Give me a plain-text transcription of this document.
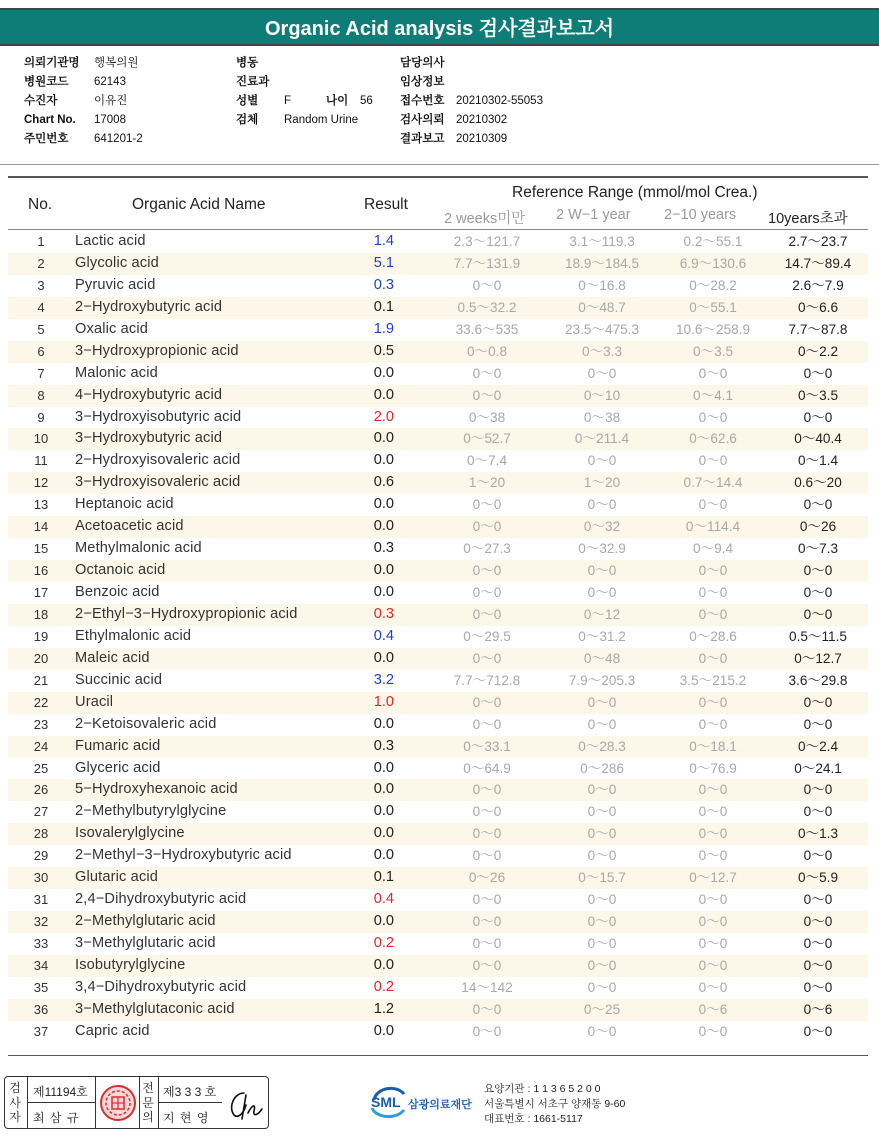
Organic Acid analysis 검사결과보고서
의뢰기관명 행복의원
병원코드 62143
수진자	이유진
Chart No. 17008
주민번호 641201-2
병동
진료과
성별 F	나이 56
검체 Random Urine
담당의사
임상정보
접수번호 20210302-55053
검사의뢰 20210302
결과보고 20210309
No.	Organic Acid Name	Result
Reference Range (mmol/mol Crea.)
2 weeks미만 2 W−1 year 2−10 years 10years초과
1	Lactic acid	1.4	2.3～121.7	3.1～119.3	0.2～55.1	2.7～23.7
2	Glycolic acid	5.1	7.7～131.9	18.9～184.5	6.9～130.6	14.7～89.4
3	Pyruvic acid	0.3	0～0	0～16.8	0～28.2	2.6～7.9
4	2−Hydroxybutyric acid	0.1	0.5～32.2	0～48.7	0～55.1	0～6.6
5	Oxalic acid	1.9	33.6～535	23.5～475.3	10.6～258.9	7.7～87.8
6	3−Hydroxypropionic acid	0.5	0～0.8	0～3.3	0～3.5	0～2.2
7	Malonic acid	0.0	0～0	0～0	0～0	0～0
8	4−Hydroxybutyric acid	0.0	0～0	0～10	0～4.1	0～3.5
9	3−Hydroxyisobutyric acid	2.0	0～38	0～38	0～0	0～0
10	3−Hydroxybutyric acid	0.0	0～52.7	0～211.4	0～62.6	0～40.4
11	2−Hydroxyisovaleric acid	0.0	0～7.4	0～0	0～0	0～1.4
12	3−Hydroxyisovaleric acid	0.6	1～20	1～20	0.7～14.4	0.6～20
13	Heptanoic acid	0.0	0～0	0～0	0～0	0～0
14	Acetoacetic acid	0.0	0～0	0～32	0～114.4	0～26
15	Methylmalonic acid	0.3	0～27.3	0～32.9	0～9.4	0～7.3
16	Octanoic acid	0.0	0～0	0～0	0～0	0～0
17	Benzoic acid	0.0	0～0	0～0	0～0	0～0
18	2−Ethyl−3−Hydroxypropionic acid	0.3	0～0	0～12	0～0	0～0
19	Ethylmalonic acid	0.4	0～29.5	0～31.2	0～28.6	0.5～11.5
20	Maleic acid	0.0	0～0	0～48	0～0	0～12.7
21	Succinic acid	3.2	7.7～712.8	7.9～205.3	3.5～215.2	3.6～29.8
22	Uracil	1.0	0～0	0～0	0～0	0～0
23	2−Ketoisovaleric acid	0.0	0～0	0～0	0～0	0～0
24	Fumaric acid	0.3	0～33.1	0～28.3	0～18.1	0～2.4
25	Glyceric acid	0.0	0～64.9	0～286	0～76.9	0～24.1
26	5−Hydroxyhexanoic acid	0.0	0～0	0～0	0～0	0～0
27	2−Methylbutyrylglycine	0.0	0～0	0～0	0～0	0～0
28	Isovalerylglycine	0.0	0～0	0～0	0～0	0～1.3
29	2−Methyl−3−Hydroxybutyric acid	0.0	0～0	0～0	0～0	0～0
30	Glutaric acid	0.1	0～26	0～15.7	0～12.7	0～5.9
31	2,4−Dihydroxybutyric acid	0.4	0～0	0～0	0～0	0～0
32	2−Methylglutaric acid	0.0	0～0	0～0	0～0	0～0
33	3−Methylglutaric acid	0.2	0～0	0～0	0～0	0～0
34	Isobutyrylglycine	0.0	0～0	0～0	0～0	0～0
35	3,4−Dihydroxybutyric acid	0.2	14～142	0～0	0～0	0～0
36	3−Methylglutaconic acid	1.2	0～0	0～25	0～6	0～6
37	Capric acid	0.0	0～0	0～0	0～0	0～0
검사자
제11194호
최 삼 규
전문의
제3 3 3 호
지 현 영
SML 삼광의료재단
요양기관 : 1 1 3 6 5 2 0 0
서울특별시 서초구 양재동 9-60
대표번호 : 1661-5117
